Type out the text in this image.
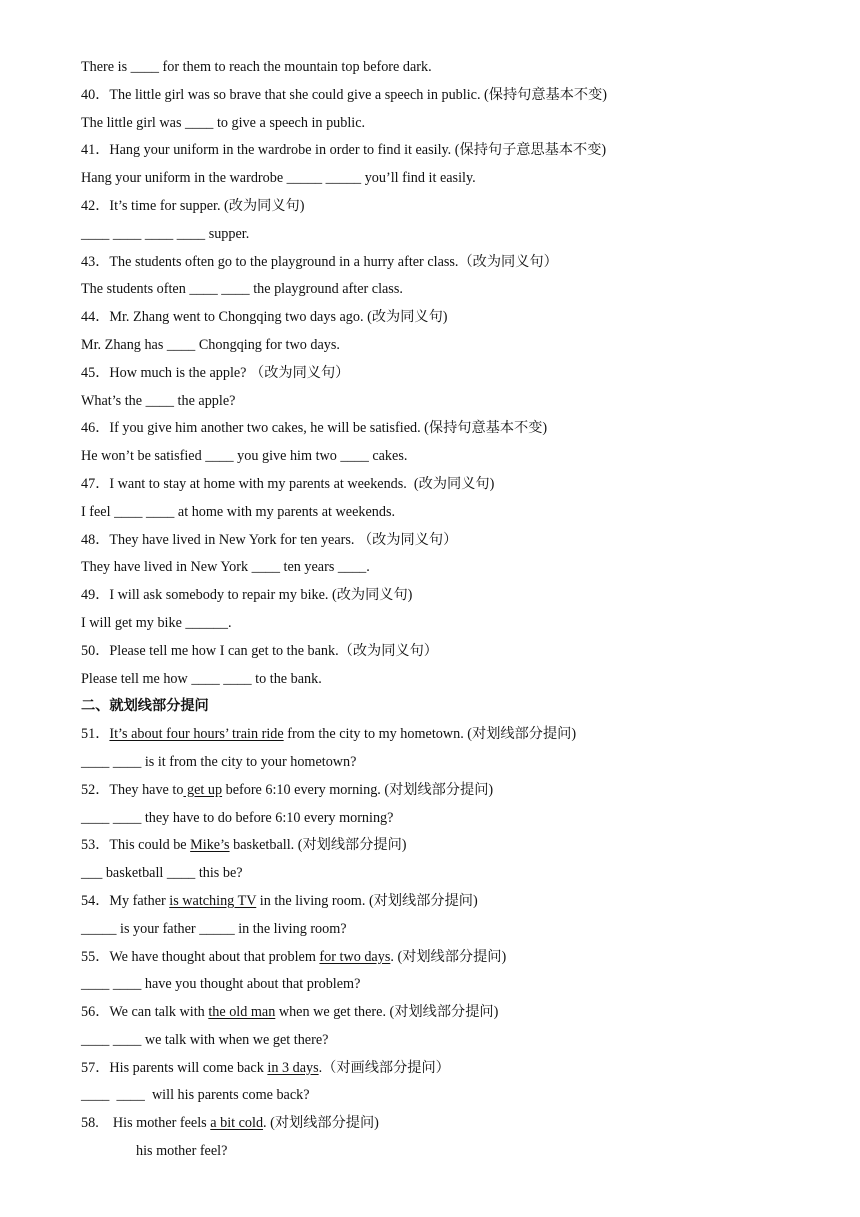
There is ____ for them to reach the mountain top before dark.
40．The little girl was so brave that she could give a speech in public. (保持句意基本不变)
The little girl was ____ to give a speech in public.
41．Hang your uniform in the wardrobe in order to find it easily. (保持句子意思基本不变)
Hang your uniform in the wardrobe _____ _____ you’ll find it easily.
42．It’s time for supper. (改为同义句)
____ ____ ____ ____ supper.
43．The students often go to the playground in a hurry after class.（改为同义句）
The students often ____ ____ the playground after class.
44．Mr. Zhang went to Chongqing two days ago. (改为同义句)
Mr. Zhang has ____ Chongqing for two days.
45．How much is the apple? （改为同义句）
What’s the ____ the apple?
46．If you give him another two cakes, he will be satisfied. (保持句意基本不变)
He won’t be satisfied ____ you give him two ____ cakes.
47．I want to stay at home with my parents at weekends.  (改为同义句)
I feel ____ ____ at home with my parents at weekends.
48．They have lived in New York for ten years. （改为同义句）
They have lived in New York ____ ten years ____.
49．I will ask somebody to repair my bike. (改为同义句)
I will get my bike ______.
50．Please tell me how I can get to the bank.（改为同义句）
Please tell me how ____ ____ to the bank.
二、就划线部分提问
51．It’s about four hours’ train ride from the city to my hometown. (对划线部分提问)
____ ____ is it from the city to your hometown?
52．They have to get up before 6:10 every morning. (对划线部分提问)
____ ____ they have to do before 6:10 every morning?
53．This could be Mike’s basketball. (对划线部分提问)
___ basketball ____ this be?
54．My father is watching TV in the living room. (对划线部分提问)
_____ is your father _____ in the living room?
55．We have thought about that problem for two days. (对划线部分提问)
____ ____ have you thought about that problem?
56．We can talk with the old man when we get there. (对划线部分提问)
____ ____ we talk with when we get there?
57．His parents will come back in 3 days.（对画线部分提问）
____  ____  will his parents come back?
58.    His mother feels a bit cold. (对划线部分提问)
his mother feel?
